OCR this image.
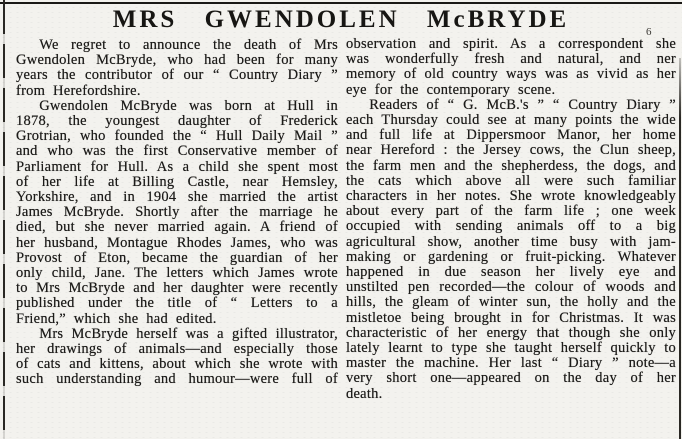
MRS GWENDOLEN McBRYDE	6

We regret to announce the death of Mrs Gwendolen McBryde, who had been for many years the contributor of our “ Country Diary ” from Herefordshire.

Gwendolen McBryde was born at Hull in 1878, the youngest daughter of Frederick Grotrian, who founded the “ Hull Daily Mail ” and who was the first Conservative member of Parliament for Hull. As a child she spent most of her life at Billing Castle, near Hemsley, Yorkshire, and in 1904 she married the artist James McBryde. Shortly after the marriage he died, but she never married again. A friend of her husband, Montague Rhodes James, who was Provost of Eton, became the guardian of her only child, Jane. The letters which James wrote to Mrs McBryde and her daughter were recently published under the title of “ Letters to a Friend,” which she had edited.

Mrs McBryde herself was a gifted illustrator, her drawings of animals—and especially those of cats and kittens, about which she wrote with such understanding and humour—were full of

observation and spirit. As a correspondent she was wonderfully fresh and natural, and ner memory of old country ways was as vivid as her eye for the contemporary scene.

Readers of “ G. McB.'s ” “ Country Diary ” each Thursday could see at many points the wide and full life at Dippersmoor Manor, her home near Hereford : the Jersey cows, the Clun sheep, the farm men and the shepherdess, the dogs, and the cats which above all were such familiar characters in her notes. She wrote knowledgeably about every part of the farm life ; one week occupied with sending animals off to a big agricultural show, another time busy with jam-making or gardening or fruit-picking. Whatever happened in due season her lively eye and unstilted pen recorded—the colour of woods and hills, the gleam of winter sun, the holly and the mistletoe being brought in for Christmas. It was characteristic of her energy that though she only lately learnt to type she taught herself quickly to master the machine. Her last “ Diary ” note—a very short one—appeared on the day of her death.
